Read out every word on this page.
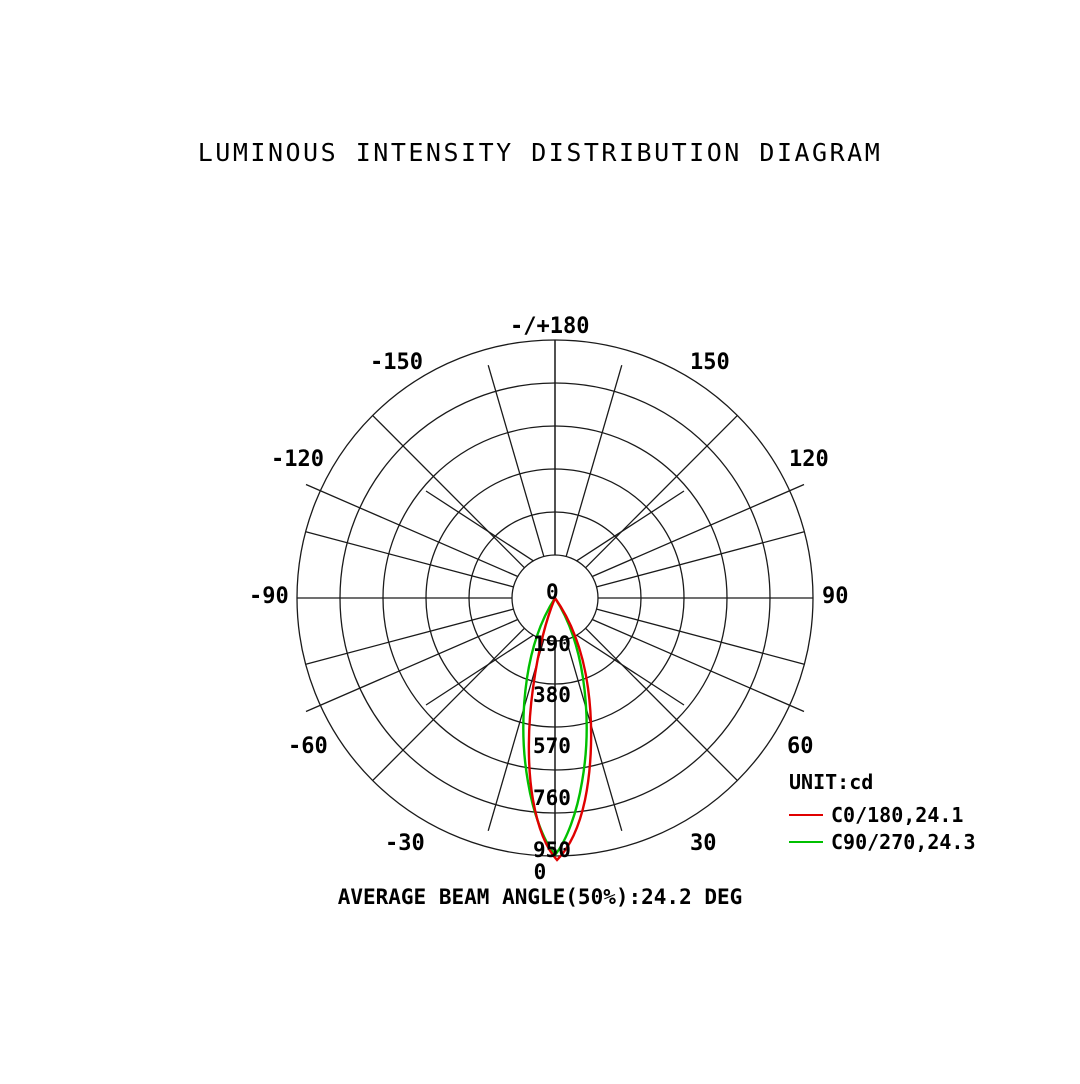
LUMINOUS INTENSITY DISTRIBUTION DIAGRAM
-/+180
150
120
90
60
30
-150
-120
-90
-60
-30
0
190
380
570
760
950
UNIT:cd
C0/180,24.1
C90/270,24.3
0
AVERAGE BEAM ANGLE(50%):24.2 DEG
